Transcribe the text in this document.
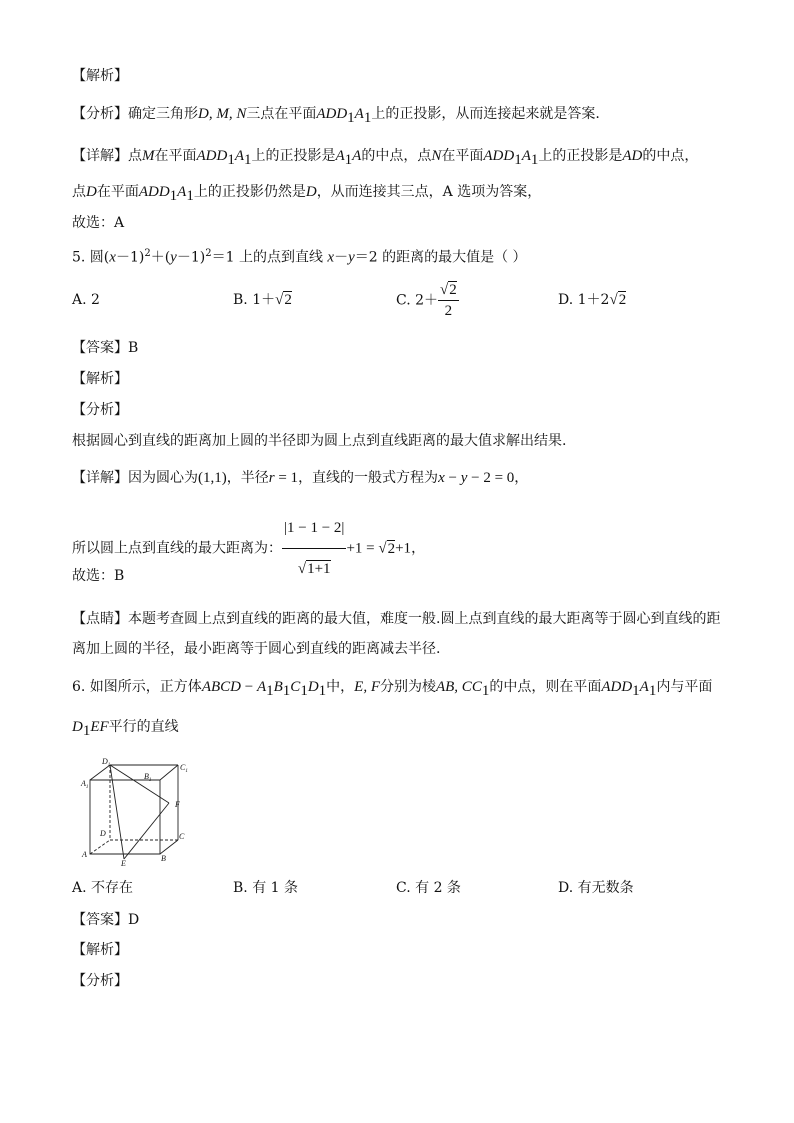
【解析】
【分析】确定三角形D, M, N三点在平面$ADD_1A_1$上的正投影，从而连接起来就是答案.
【详解】点M在平面$ADD_1A_1$上的正投影是$A_1A$的中点，点N在平面$ADD_1A_1$上的正投影是AD的中点，
点D在平面$ADD_1A_1$上的正投影仍然是D，从而连接其三点，A 选项为答案，
故选：A
5. 圆$(x-1)^2+(y-1)^2=1$ 上的点到直线 x－y＝2 的距离的最大值是（ ）
A. 2	B. 1＋√2	C. $2+ \frac{√2}{2}$	D. 1＋2√2
【答案】B
【解析】
【分析】
根据圆心到直线的距离加上圆的半径即为圆上点到直线距离的最大值求解出结果.
【详解】因为圆心为(1,1)，半径r = 1，直线的一般式方程为x − y − 2 = 0，
所以圆上点到直线的最大距离为： $\frac{|1 - 1 - 2|}{√1+1} +1 = √2+1$，
故选：B
【点睛】本题考查圆上点到直线的距离的最大值，难度一般.圆上点到直线的最大距离等于圆心到直线的距
离加上圆的半径，最小距离等于圆心到直线的距离减去半径.
6. 如图所示，正方体ABCD − $A_1B_1C_1D_1$中，E, F分别为棱AB, $CC_1$的中点，则在平面$ADD_1A_1$内与平面
$D_1EF$平行的直线
$D_1$
$B_1$
$C_1$
$A_1$
F
D	C
A
E
B
A. 不存在	B. 有 1 条	C. 有 2 条	D. 有无数条
【答案】D
【解析】
【分析】
